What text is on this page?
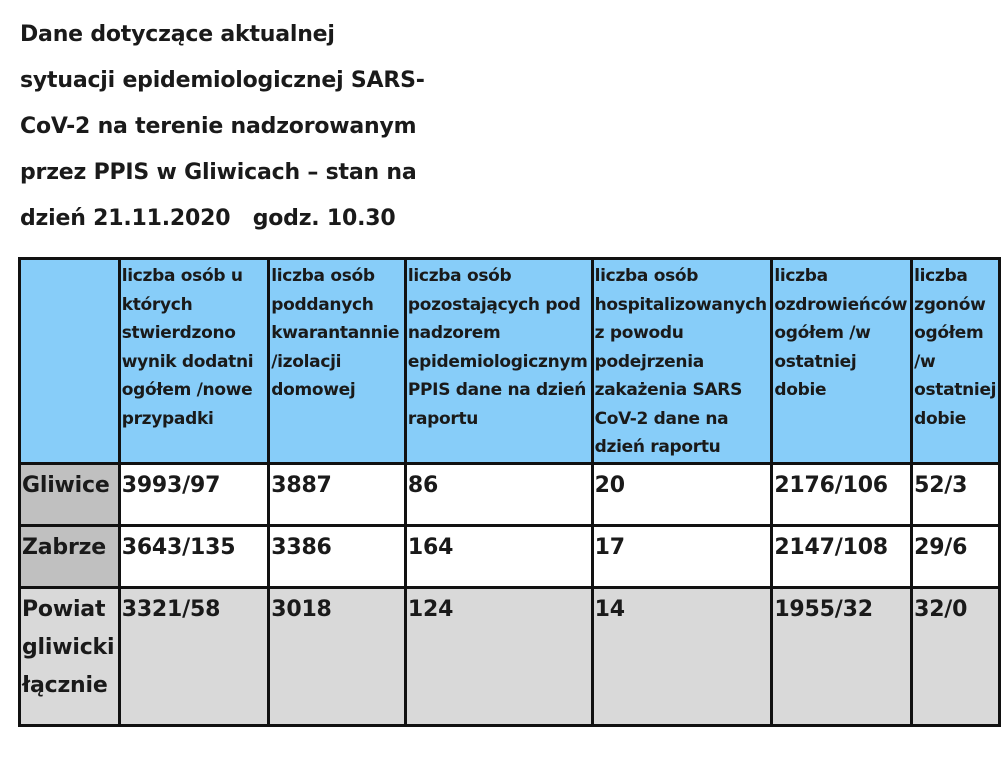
Dane dotyczące aktualnej
sytuacji epidemiologicznej SARS-
CoV-2 na terenie nadzorowanym
przez PPIS w Gliwicach – stan na
dzień 21.11.2020   godz. 10.30
	liczba osób u których stwierdzono wynik dodatni ogółem /nowe przypadki	liczba osób poddanych kwarantannie /izolacji domowej	liczba osób pozostających pod nadzorem epidemiologicznym PPIS dane na dzień raportu	liczba osób hospitalizowanych z powodu podejrzenia zakażenia SARS CoV-2 dane na dzień raportu	liczba ozdrowieńców ogółem /w ostatniej dobie	liczba zgonów ogółem /w ostatniej dobie
Gliwice	3993/97	3887	86	20	2176/106	52/3
Zabrze	3643/135	3386	164	17	2147/108	29/6
Powiat gliwicki łącznie	3321/58	3018	124	14	1955/32	32/0
